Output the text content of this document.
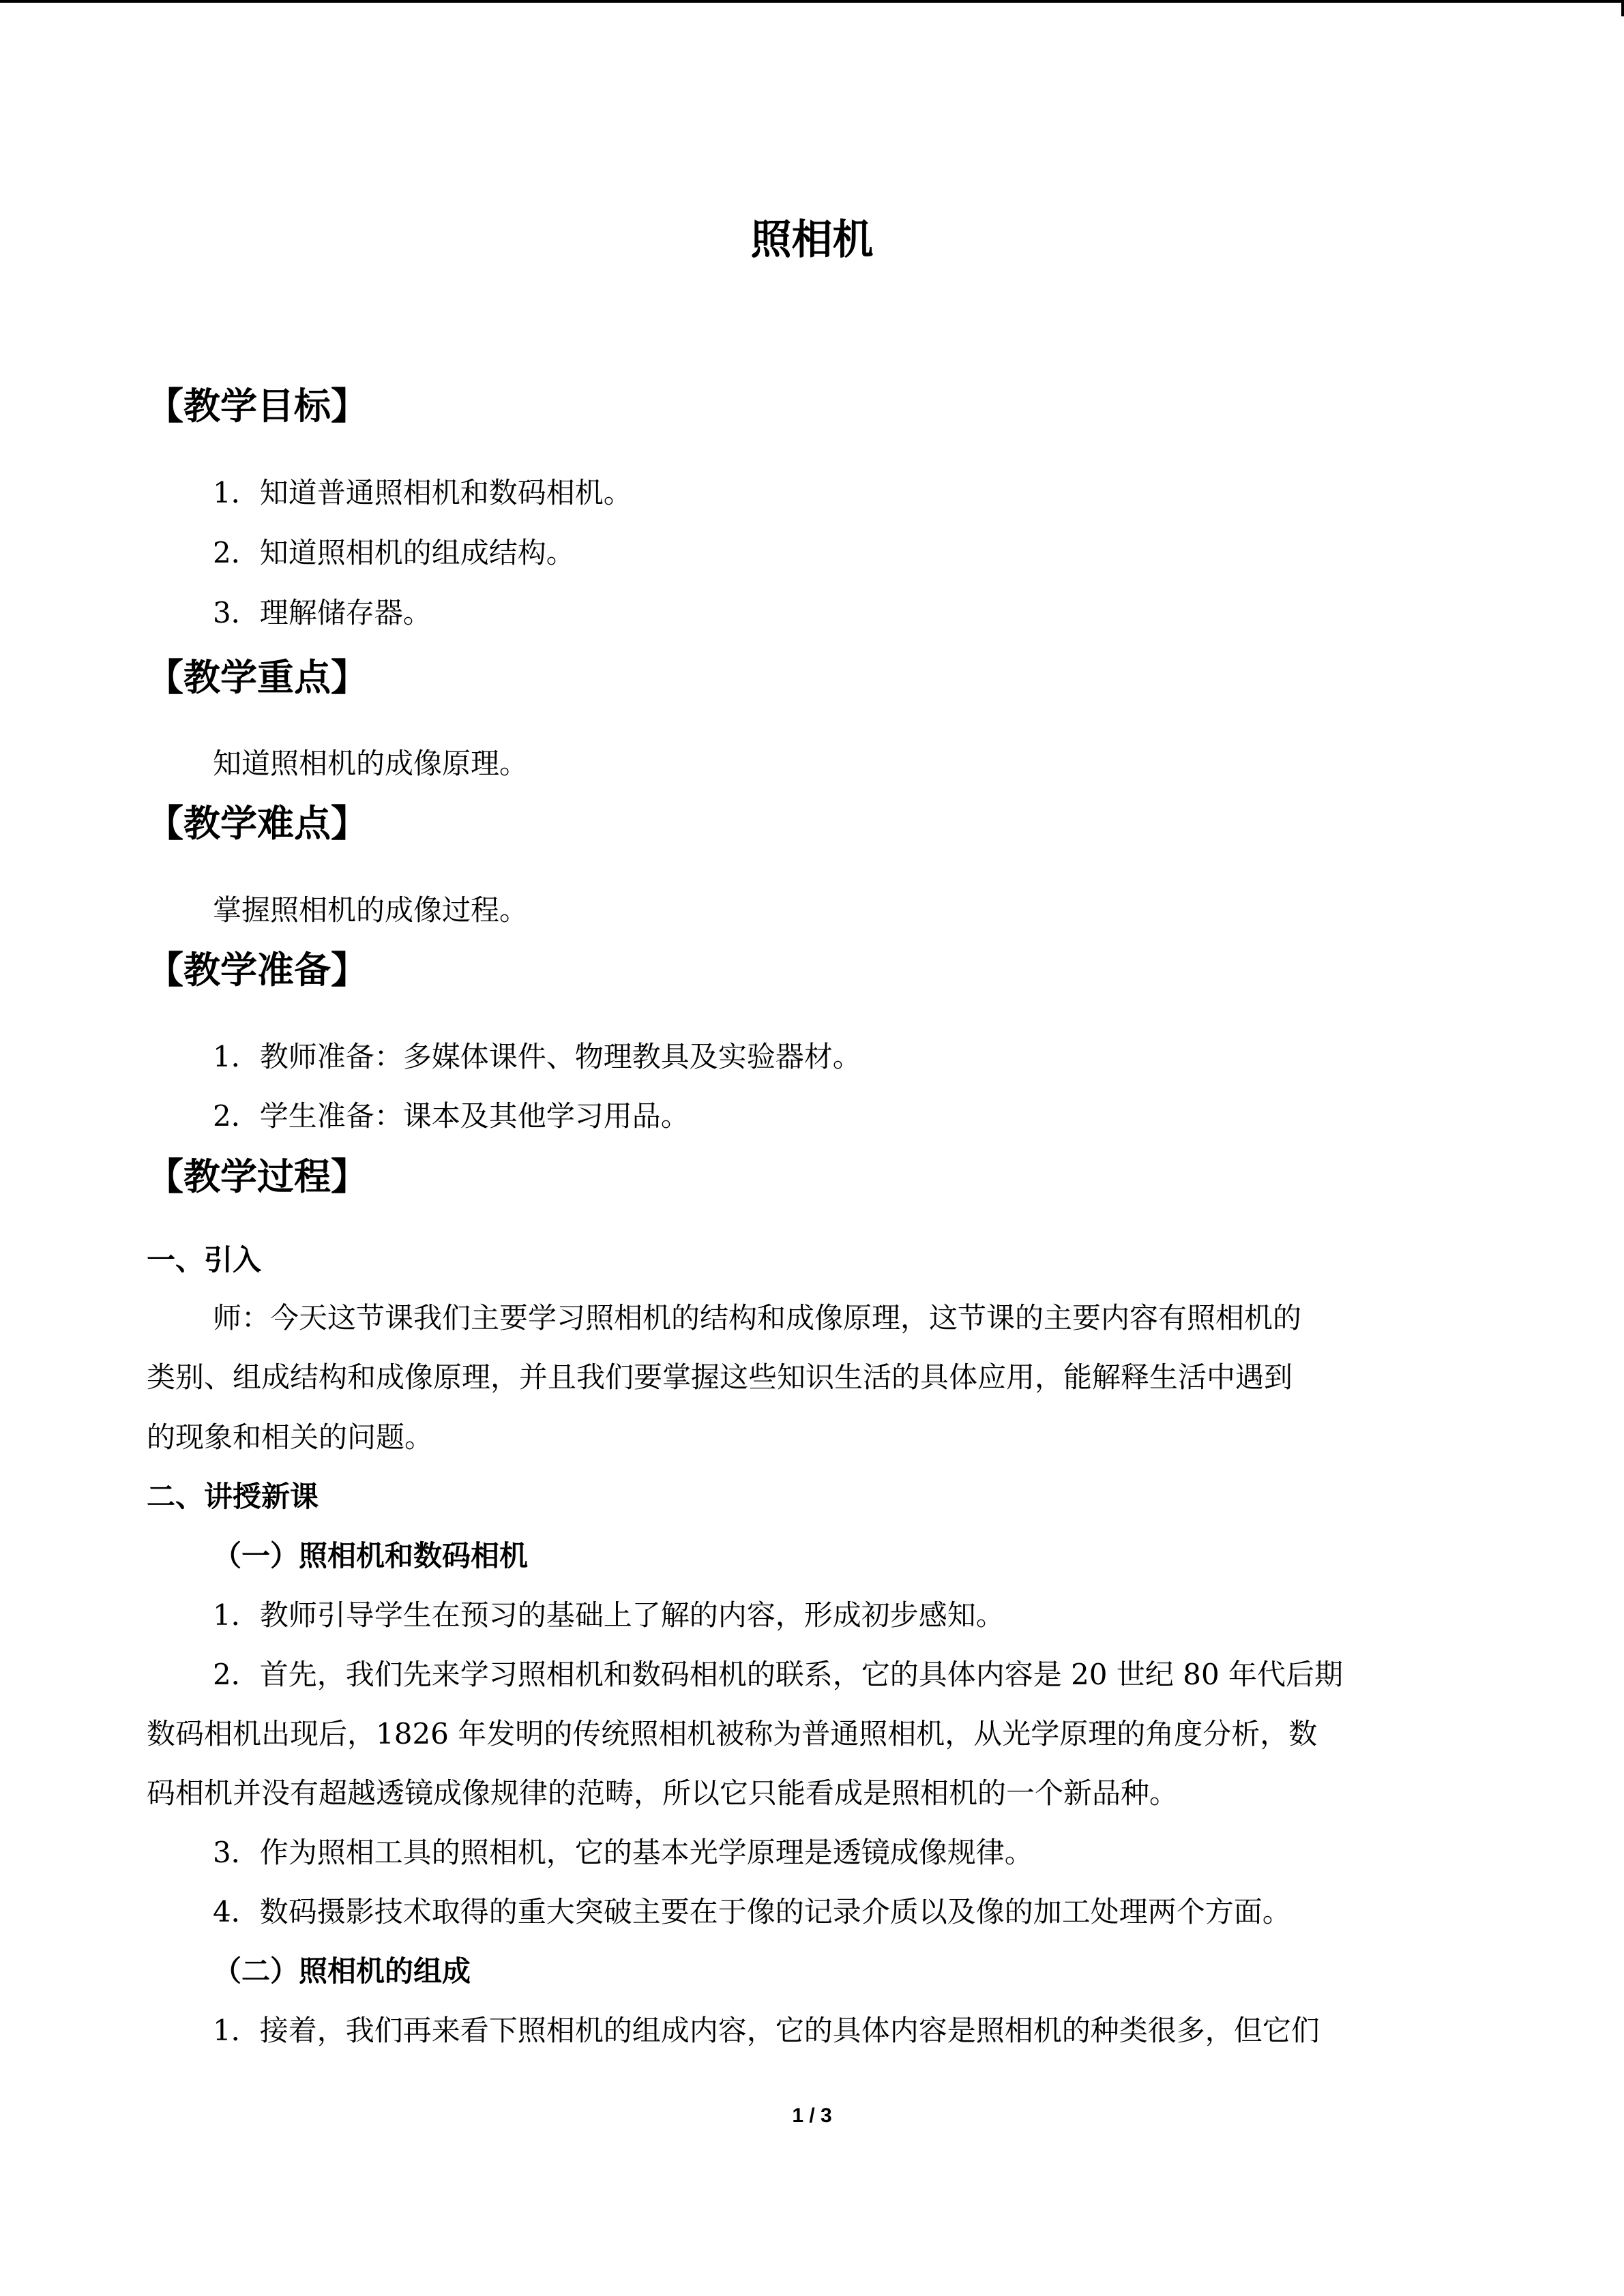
照相机
【教学目标】
1．知道普通照相机和数码相机。
2．知道照相机的组成结构。
3．理解储存器。
【教学重点】
知道照相机的成像原理。
【教学难点】
掌握照相机的成像过程。
【教学准备】
1．教师准备：多媒体课件、物理教具及实验器材。
2．学生准备：课本及其他学习用品。
【教学过程】
一、引入
师：今天这节课我们主要学习照相机的结构和成像原理，这节课的主要内容有照相机的
类别、组成结构和成像原理，并且我们要掌握这些知识生活的具体应用，能解释生活中遇到
的现象和相关的问题。
二、讲授新课
（一）照相机和数码相机
1．教师引导学生在预习的基础上了解的内容，形成初步感知。
2．首先，我们先来学习照相机和数码相机的联系，它的具体内容是 20 世纪 80 年代后期
数码相机出现后，1826 年发明的传统照相机被称为普通照相机，从光学原理的角度分析，数
码相机并没有超越透镜成像规律的范畴，所以它只能看成是照相机的一个新品种。
3．作为照相工具的照相机，它的基本光学原理是透镜成像规律。
4．数码摄影技术取得的重大突破主要在于像的记录介质以及像的加工处理两个方面。
（二）照相机的组成
1．接着，我们再来看下照相机的组成内容，它的具体内容是照相机的种类很多，但它们
1 / 3
